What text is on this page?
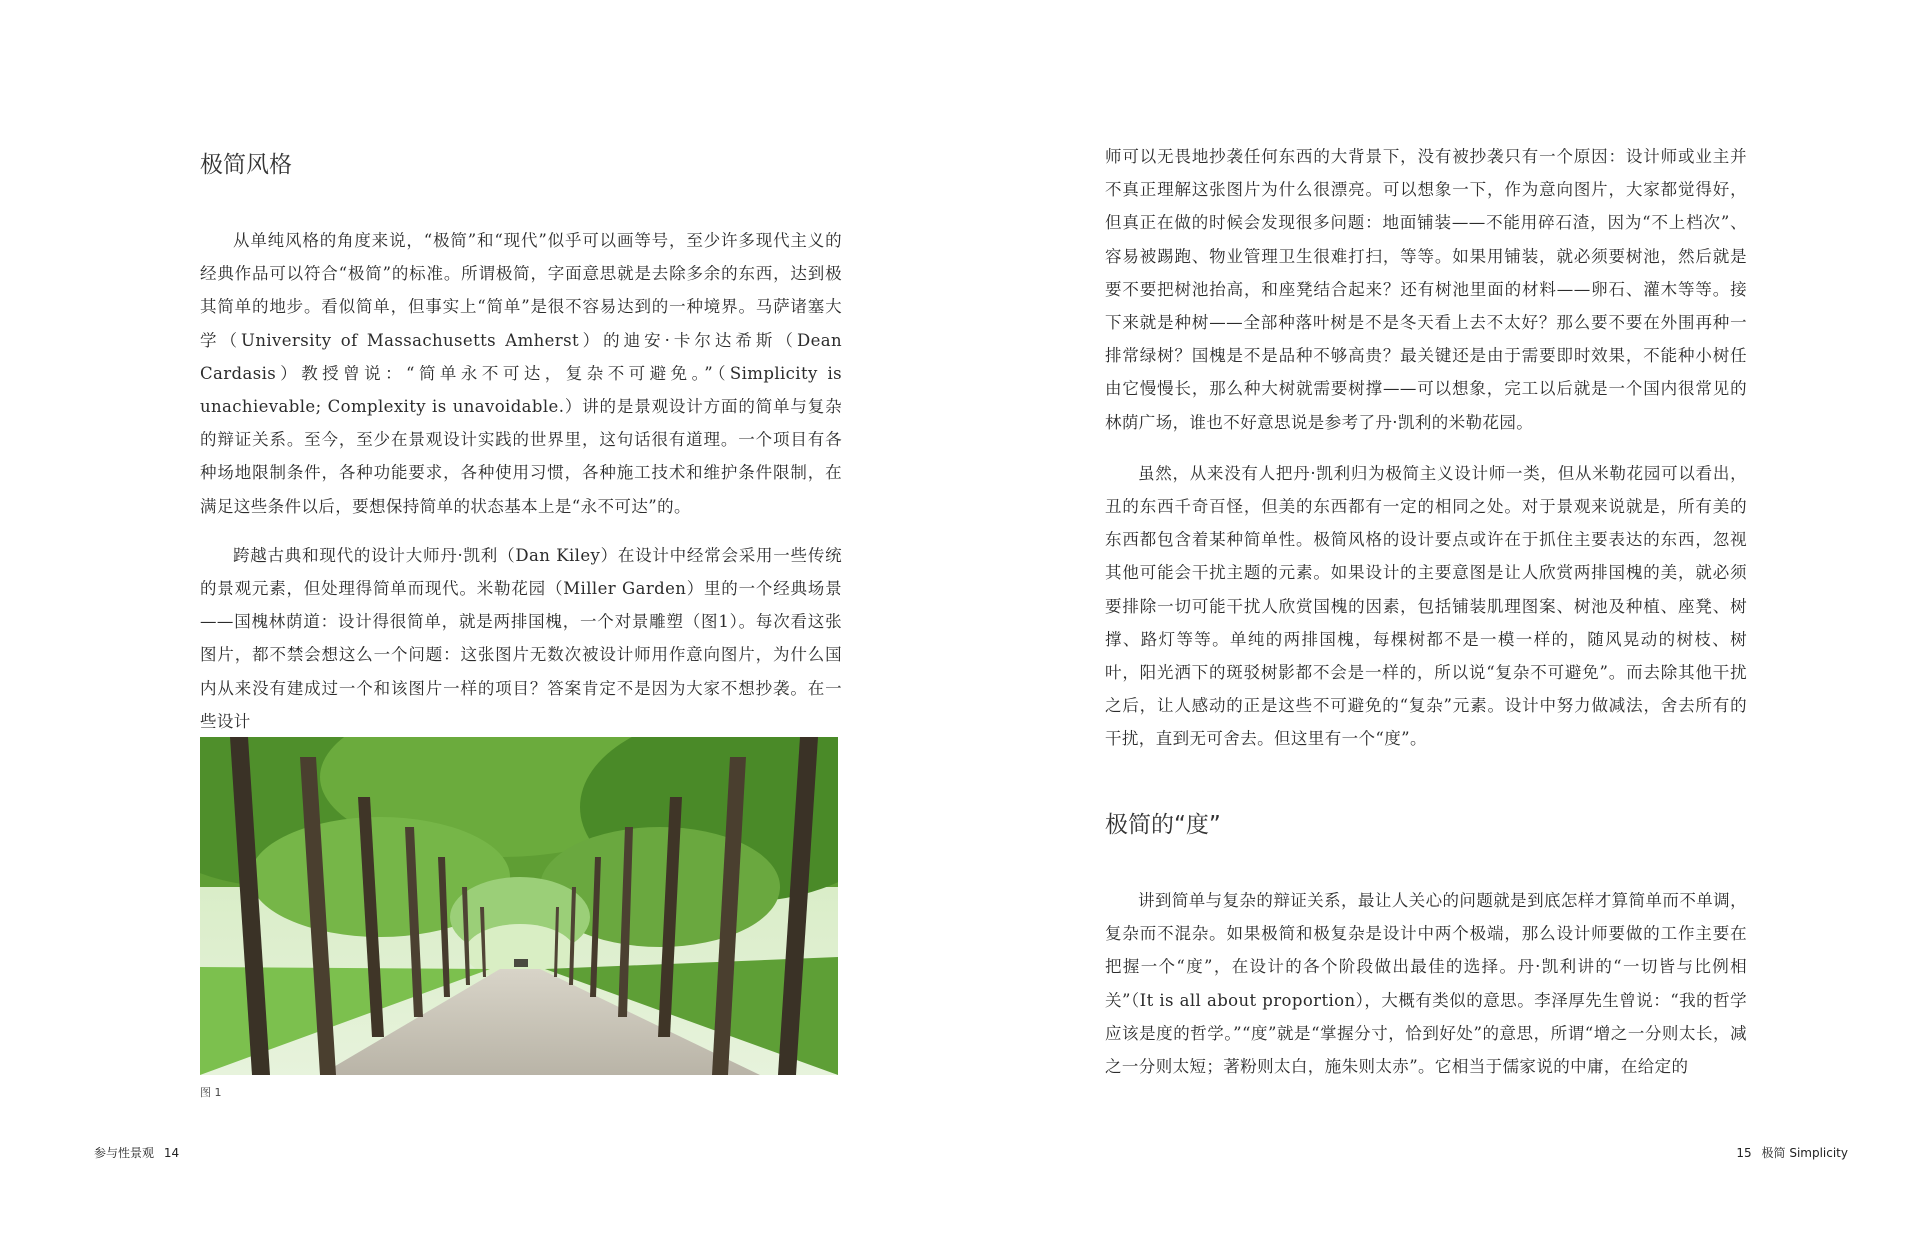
极简风格

从单纯风格的角度来说，“极简”和“现代”似乎可以画等号，至少许多现代主义的经典作品可以符合“极简”的标准。所谓极简，字面意思就是去除多余的东西，达到极其简单的地步。看似简单，但事实上“简单”是很不容易达到的一种境界。马萨诸塞大学（University of Massachusetts Amherst）的迪安·卡尔达希斯（Dean Cardasis）教授曾说：“简单永不可达，复杂不可避免。”（Simplicity is unachievable; Complexity is unavoidable.）讲的是景观设计方面的简单与复杂的辩证关系。至今，至少在景观设计实践的世界里，这句话很有道理。一个项目有各种场地限制条件，各种功能要求，各种使用习惯，各种施工技术和维护条件限制，在满足这些条件以后，要想保持简单的状态基本上是“永不可达”的。

跨越古典和现代的设计大师丹·凯利（Dan Kiley）在设计中经常会采用一些传统的景观元素，但处理得简单而现代。米勒花园（Miller Garden）里的一个经典场景——国槐林荫道：设计得很简单，就是两排国槐，一个对景雕塑（图1）。每次看这张图片，都不禁会想这么一个问题：这张图片无数次被设计师用作意向图片，为什么国内从来没有建成过一个和该图片一样的项目？答案肯定不是因为大家不想抄袭。在一些设计

图 1
参与性景观 14

师可以无畏地抄袭任何东西的大背景下，没有被抄袭只有一个原因：设计师或业主并不真正理解这张图片为什么很漂亮。可以想象一下，作为意向图片，大家都觉得好，但真正在做的时候会发现很多问题：地面铺装——不能用碎石渣，因为“不上档次”、容易被踢跑、物业管理卫生很难打扫，等等。如果用铺装，就必须要树池，然后就是要不要把树池抬高，和座凳结合起来？还有树池里面的材料——卵石、灌木等等。接下来就是种树——全部种落叶树是不是冬天看上去不太好？那么要不要在外围再种一排常绿树？国槐是不是品种不够高贵？最关键还是由于需要即时效果，不能种小树任由它慢慢长，那么种大树就需要树撑——可以想象，完工以后就是一个国内很常见的林荫广场，谁也不好意思说是参考了丹·凯利的米勒花园。

虽然，从来没有人把丹·凯利归为极简主义设计师一类，但从米勒花园可以看出，丑的东西千奇百怪，但美的东西都有一定的相同之处。对于景观来说就是，所有美的东西都包含着某种简单性。极简风格的设计要点或许在于抓住主要表达的东西，忽视其他可能会干扰主题的元素。如果设计的主要意图是让人欣赏两排国槐的美，就必须要排除一切可能干扰人欣赏国槐的因素，包括铺装肌理图案、树池及种植、座凳、树撑、路灯等等。单纯的两排国槐，每棵树都不是一模一样的，随风晃动的树枝、树叶，阳光洒下的斑驳树影都不会是一样的，所以说“复杂不可避免”。而去除其他干扰之后，让人感动的正是这些不可避免的“复杂”元素。设计中努力做减法，舍去所有的干扰，直到无可舍去。但这里有一个“度”。

极简的“度”

讲到简单与复杂的辩证关系，最让人关心的问题就是到底怎样才算简单而不单调，复杂而不混杂。如果极简和极复杂是设计中两个极端，那么设计师要做的工作主要在把握一个“度”，在设计的各个阶段做出最佳的选择。丹·凯利讲的“一切皆与比例相关”（It is all about proportion），大概有类似的意思。李泽厚先生曾说：“我的哲学应该是度的哲学。”“度”就是“掌握分寸，恰到好处”的意思，所谓“增之一分则太长，减之一分则太短；著粉则太白，施朱则太赤”。它相当于儒家说的中庸，在给定的

15 极简 Simplicity
